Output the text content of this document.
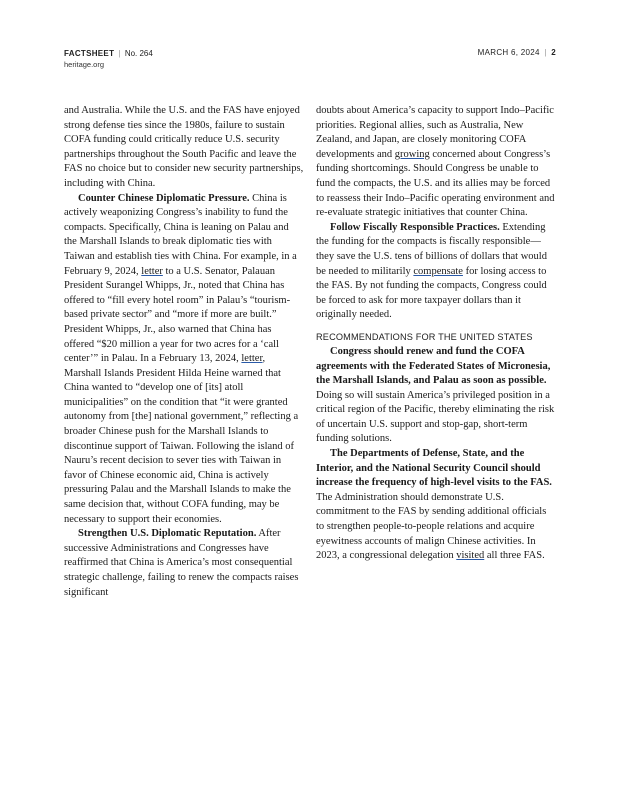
FACTSHEET | No. 264
heritage.org
MARCH 6, 2024 | 2

and Australia. While the U.S. and the FAS have enjoyed strong defense ties since the 1980s, failure to sustain COFA funding could critically reduce U.S. security partnerships throughout the South Pacific and leave the FAS no choice but to consider new security partnerships, including with China.

Counter Chinese Diplomatic Pressure. China is actively weaponizing Congress’s inability to fund the compacts. Specifically, China is leaning on Palau and the Marshall Islands to break diplomatic ties with Taiwan and establish ties with China. For example, in a February 9, 2024, letter to a U.S. Senator, Palauan President Surangel Whipps, Jr., noted that China has offered to “fill every hotel room” in Palau’s “tourism-based private sector” and “more if more are built.” President Whipps, Jr., also warned that China has offered “$20 million a year for two acres for a ‘call center’” in Palau. In a February 13, 2024, letter, Marshall Islands President Hilda Heine warned that China wanted to “develop one of [its] atoll municipalities” on the condition that “it were granted autonomy from [the] national government,” reflecting a broader Chinese push for the Marshall Islands to discontinue support of Taiwan. Following the island of Nauru’s recent decision to sever ties with Taiwan in favor of Chinese economic aid, China is actively pressuring Palau and the Marshall Islands to make the same decision that, without COFA funding, may be necessary to support their economies.

Strengthen U.S. Diplomatic Reputation. After successive Administrations and Congresses have reaffirmed that China is America’s most consequential strategic challenge, failing to renew the compacts raises significant

doubts about America’s capacity to support Indo–Pacific priorities. Regional allies, such as Australia, New Zealand, and Japan, are closely monitoring COFA developments and growing concerned about Congress’s funding shortcomings. Should Congress be unable to fund the compacts, the U.S. and its allies may be forced to reassess their Indo–Pacific operating environment and re-evaluate strategic initiatives that counter China.

Follow Fiscally Responsible Practices. Extending the funding for the compacts is fiscally responsible—they save the U.S. tens of billions of dollars that would be needed to militarily compensate for losing access to the FAS. By not funding the compacts, Congress could be forced to ask for more taxpayer dollars than it originally needed.

RECOMMENDATIONS FOR THE UNITED STATES

Congress should renew and fund the COFA agreements with the Federated States of Micronesia, the Marshall Islands, and Palau as soon as possible. Doing so will sustain America’s privileged position in a critical region of the Pacific, thereby eliminating the risk of uncertain U.S. support and stop-gap, short-term funding solutions.

The Departments of Defense, State, and the Interior, and the National Security Council should increase the frequency of high-level visits to the FAS. The Administration should demonstrate U.S. commitment to the FAS by sending additional officials to strengthen people-to-people relations and acquire eyewitness accounts of malign Chinese activities. In 2023, a congressional delegation visited all three FAS.
